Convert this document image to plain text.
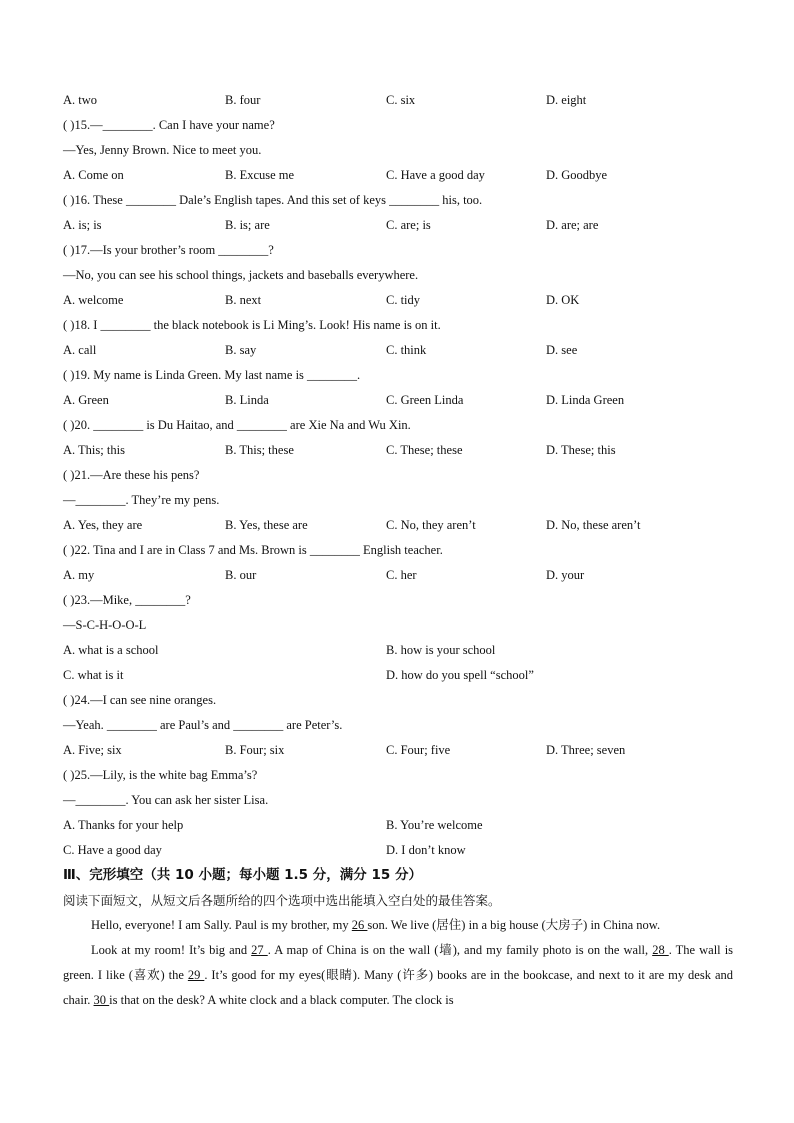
A. two	B. four	C. six	D. eight
( )15.—________. Can I have your name?
—Yes, Jenny Brown. Nice to meet you.
A. Come on	B. Excuse me	C. Have a good day	D. Goodbye
( )16. These ________ Dale’s English tapes. And this set of keys ________ his, too.
A. is; is	B. is; are	C. are; is	D. are; are
( )17.—Is your brother’s room ________?
—No, you can see his school things, jackets and baseballs everywhere.
A. welcome	B. next	C. tidy	D. OK
( )18. I ________ the black notebook is Li Ming’s. Look! His name is on it.
A. call	B. say	C. think	D. see
( )19. My name is Linda Green. My last name is ________.
A. Green	B. Linda	C. Green Linda	D. Linda Green
( )20. ________ is Du Haitao, and ________ are Xie Na and Wu Xin.
A. This; this	B. This; these	C. These; these	D. These; this
( )21.—Are these his pens?
—________. They’re my pens.
A. Yes, they are	B. Yes, these are	C. No, they aren’t	D. No, these aren’t
( )22. Tina and I are in Class 7 and Ms. Brown is ________ English teacher.
A. my	B. our	C. her	D. your
( )23.—Mike, ________?
—S-C-H-O-O-L
A. what is a school	B. how is your school
C. what is it	D. how do you spell “school”
( )24.—I can see nine oranges.
—Yeah. ________ are Paul’s and ________ are Peter’s.
A. Five; six	B. Four; six	C. Four; five	D. Three; seven
( )25.—Lily, is the white bag Emma’s?
—________. You can ask her sister Lisa.
A. Thanks for your help	B. You’re welcome
C. Have a good day	D. I don’t know
Ⅲ、完形填空（共 10 小题；每小题 1.5 分，满分 15 分）
阅读下面短文，从短文后各题所给的四个选项中选出能填入空白处的最佳答案。
Hello, everyone! I am Sally. Paul is my brother, my 26 son. We live (居住) in a big house (大房子) in China now.
Look at my room! It’s big and 27 . A map of China is on the wall (墙), and my family photo is on the wall, 28 . The wall is green. I like (喜欢) the 29 . It’s good for my eyes(眼睛). Many (许多) books are in the bookcase, and next to it are my desk and chair. 30 is that on the desk? A white clock and a black computer. The clock is
